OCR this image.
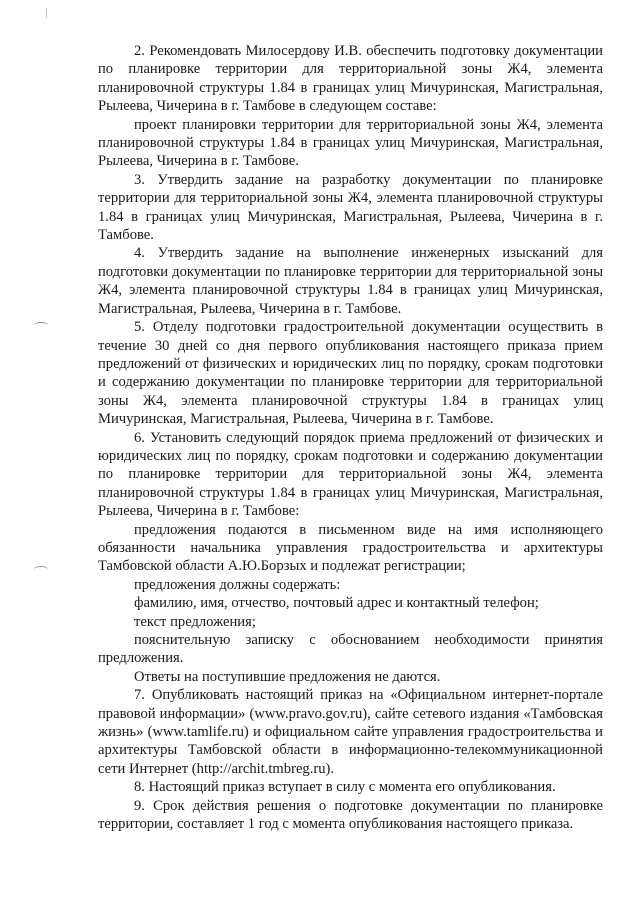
2. Рекомендовать Милосердову И.В. обеспечить подготовку документации по планировке территории для территориальной зоны Ж4, элемента планировочной структуры 1.84 в границах улиц Мичуринская, Магистральная, Рылеева, Чичерина в г. Тамбове в следующем составе:

проект планировки территории для территориальной зоны Ж4, элемента планировочной структуры 1.84 в границах улиц Мичуринская, Магистральная, Рылеева, Чичерина в г. Тамбове.

3. Утвердить задание на разработку документации по планировке территории для территориальной зоны Ж4, элемента планировочной структуры 1.84 в границах улиц Мичуринская, Магистральная, Рылеева, Чичерина в г. Тамбове.

4. Утвердить задание на выполнение инженерных изысканий для подготовки документации по планировке территории для территориальной зоны Ж4, элемента планировочной структуры 1.84 в границах улиц Мичуринская, Магистральная, Рылеева, Чичерина в г. Тамбове.

5. Отделу подготовки градостроительной документации осуществить в течение 30 дней со дня первого опубликования настоящего приказа прием предложений от физических и юридических лиц по порядку, срокам подготовки и содержанию документации по планировке территории для территориальной зоны Ж4, элемента планировочной структуры 1.84 в границах улиц Мичуринская, Магистральная, Рылеева, Чичерина в г. Тамбове.

6. Установить следующий порядок приема предложений от физических и юридических лиц по порядку, срокам подготовки и содержанию документации по планировке территории для территориальной зоны Ж4, элемента планировочной структуры 1.84 в границах улиц Мичуринская, Магистральная, Рылеева, Чичерина в г. Тамбове:

предложения подаются в письменном виде на имя исполняющего обязанности начальника управления градостроительства и архитектуры Тамбовской области А.Ю.Борзых и подлежат регистрации;

предложения должны содержать:

фамилию, имя, отчество, почтовый адрес и контактный телефон;

текст предложения;

пояснительную записку с обоснованием необходимости принятия предложения.

Ответы на поступившие предложения не даются.

7. Опубликовать настоящий приказ на «Официальном интернет-портале правовой информации» (www.pravo.gov.ru), сайте сетевого издания «Тамбовская жизнь» (www.tamlife.ru) и официальном сайте управления градостроительства и архитектуры Тамбовской области в информационно-телекоммуникационной сети Интернет (http://archit.tmbreg.ru).

8. Настоящий приказ вступает в силу с момента его опубликования.

9. Срок действия решения о подготовке документации по планировке территории, составляет 1 год с момента опубликования настоящего приказа.
